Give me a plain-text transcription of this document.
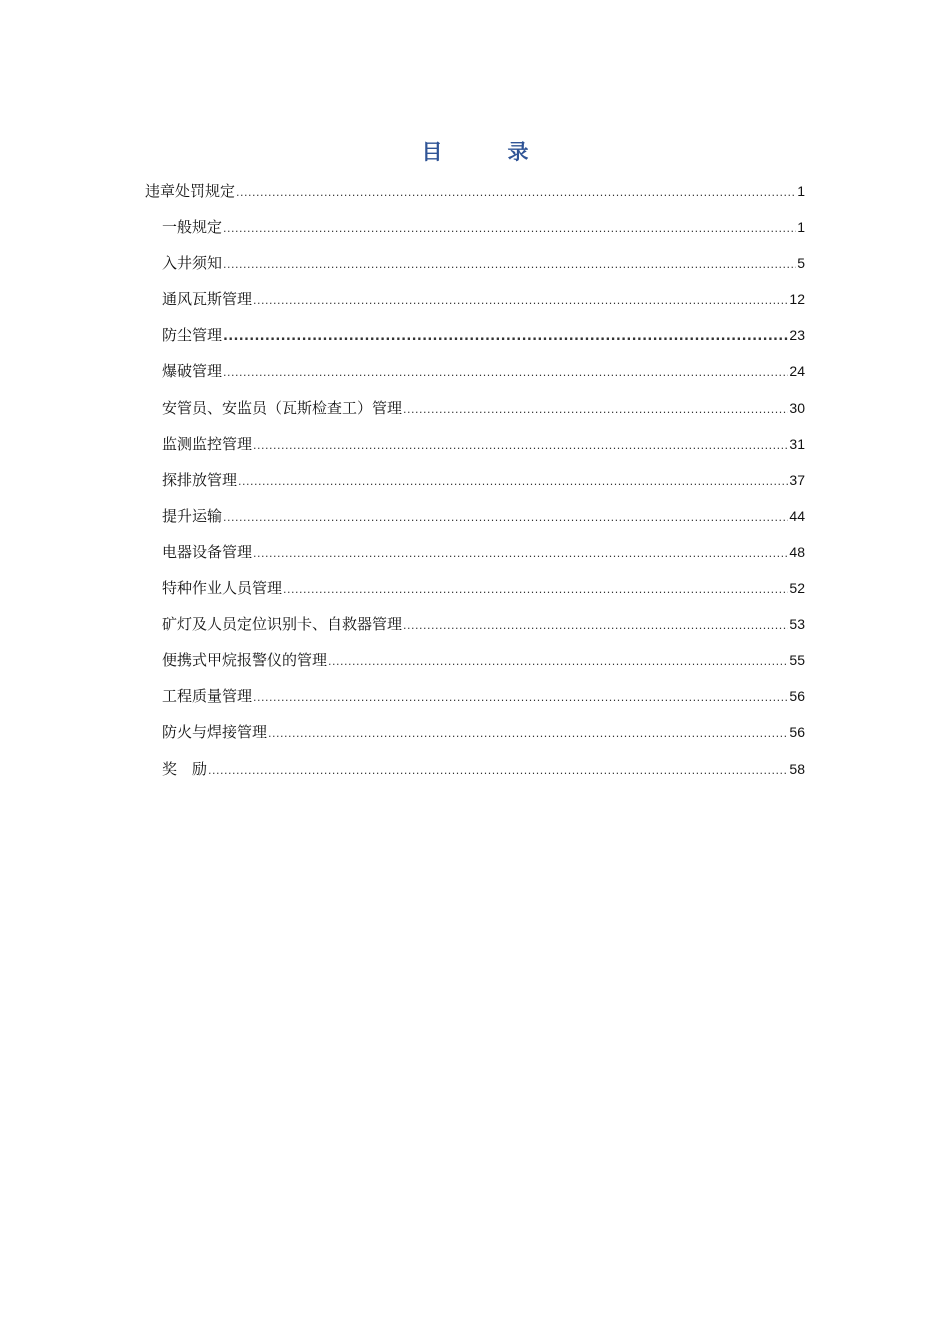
目　录
违章处罚规定 .....	1
一般规定 .....	1
入井须知 .....	5
通风瓦斯管理 .....	12
防尘管理 .....	23
爆破管理 .....	24
安管员、安监员（瓦斯检查工）管理 .....	30
监测监控管理 .....	31
探排放管理 .....	37
提升运输 .....	44
电器设备管理 .....	48
特种作业人员管理 .....	52
矿灯及人员定位识别卡、自救器管理 .....	53
便携式甲烷报警仪的管理 .....	55
工程质量管理 .....	56
防火与焊接管理 .....	56
奖　励 .....	58
